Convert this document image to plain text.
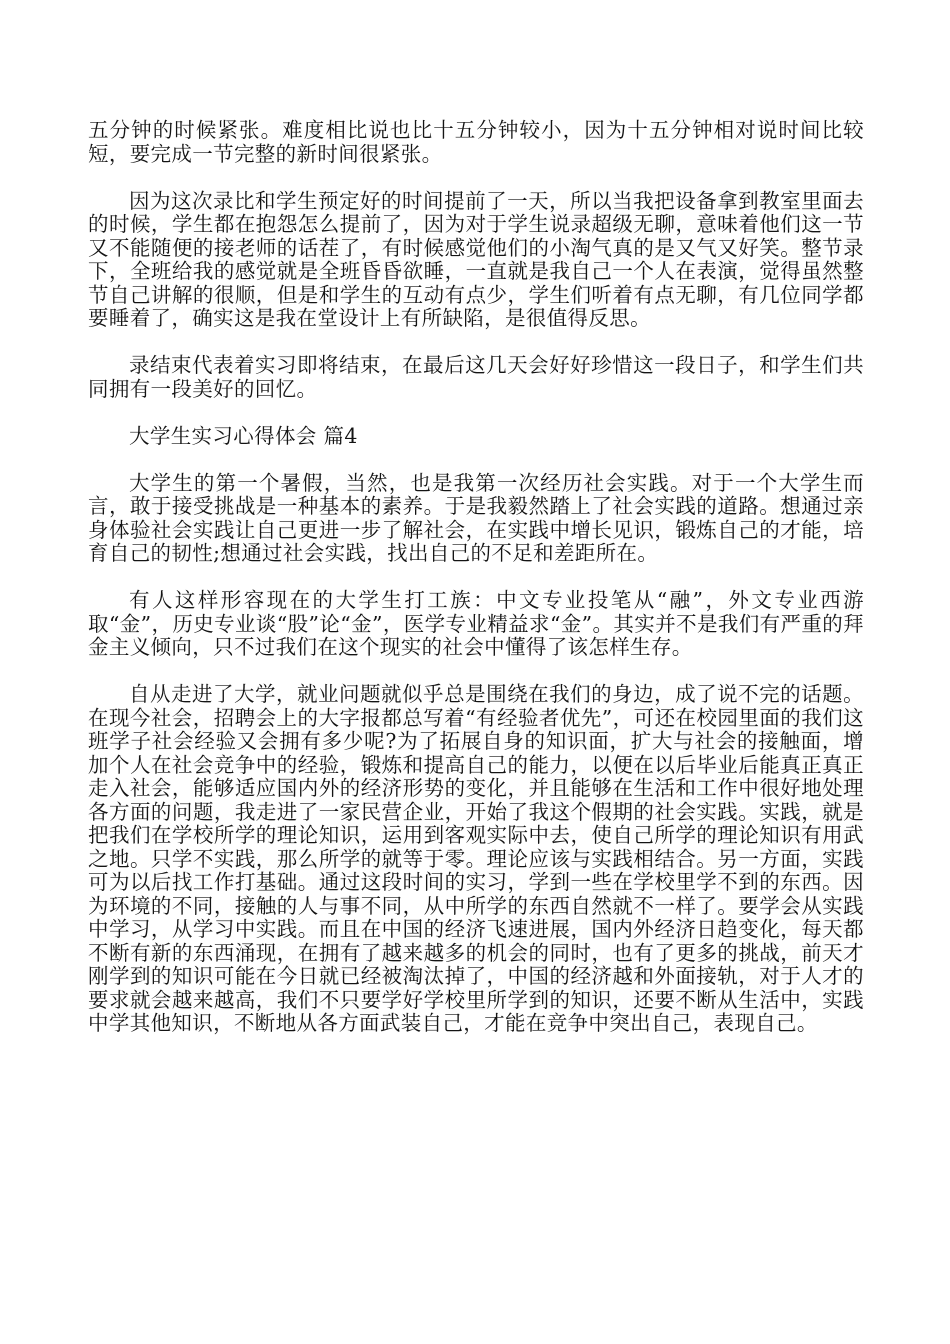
五分钟的时候紧张。难度相比说也比十五分钟较小，因为十五分钟相对说时间比较短，要完成一节完整的新时间很紧张。

因为这次录比和学生预定好的时间提前了一天，所以当我把设备拿到教室里面去的时候，学生都在抱怨怎么提前了，因为对于学生说录超级无聊，意味着他们这一节又不能随便的接老师的话茬了，有时候感觉他们的小淘气真的是又气又好笑。整节录下，全班给我的感觉就是全班昏昏欲睡，一直就是我自己一个人在表演，觉得虽然整节自己讲解的很顺，但是和学生的互动有点少，学生们听着有点无聊，有几位同学都要睡着了，确实这是我在堂设计上有所缺陷，是很值得反思。

录结束代表着实习即将结束，在最后这几天会好好珍惜这一段日子，和学生们共同拥有一段美好的回忆。

大学生实习心得体会 篇4

大学生的第一个暑假，当然，也是我第一次经历社会实践。对于一个大学生而言，敢于接受挑战是一种基本的素养。于是我毅然踏上了社会实践的道路。想通过亲身体验社会实践让自己更进一步了解社会，在实践中增长见识，锻炼自己的才能，培育自己的韧性;想通过社会实践，找出自己的不足和差距所在。

有人这样形容现在的大学生打工族：中文专业投笔从“融”，外文专业西游取“金”，历史专业谈“股”论“金”，医学专业精益求“金”。其实并不是我们有严重的拜金主义倾向，只不过我们在这个现实的社会中懂得了该怎样生存。

自从走进了大学，就业问题就似乎总是围绕在我们的身边，成了说不完的话题。在现今社会，招聘会上的大字报都总写着“有经验者优先”，可还在校园里面的我们这班学子社会经验又会拥有多少呢?为了拓展自身的知识面，扩大与社会的接触面，增加个人在社会竞争中的经验，锻炼和提高自己的能力，以便在以后毕业后能真正真正走入社会，能够适应国内外的经济形势的变化，并且能够在生活和工作中很好地处理各方面的问题，我走进了一家民营企业，开始了我这个假期的社会实践。实践，就是把我们在学校所学的理论知识，运用到客观实际中去，使自己所学的理论知识有用武之地。只学不实践，那么所学的就等于零。理论应该与实践相结合。另一方面，实践可为以后找工作打基础。通过这段时间的实习，学到一些在学校里学不到的东西。因为环境的不同，接触的人与事不同，从中所学的东西自然就不一样了。要学会从实践中学习，从学习中实践。而且在中国的经济飞速进展，国内外经济日趋变化，每天都不断有新的东西涌现，在拥有了越来越多的机会的同时，也有了更多的挑战，前天才刚学到的知识可能在今日就已经被淘汰掉了，中国的经济越和外面接轨，对于人才的要求就会越来越高，我们不只要学好学校里所学到的知识，还要不断从生活中，实践中学其他知识，不断地从各方面武装自己，才能在竞争中突出自己，表现自己。
